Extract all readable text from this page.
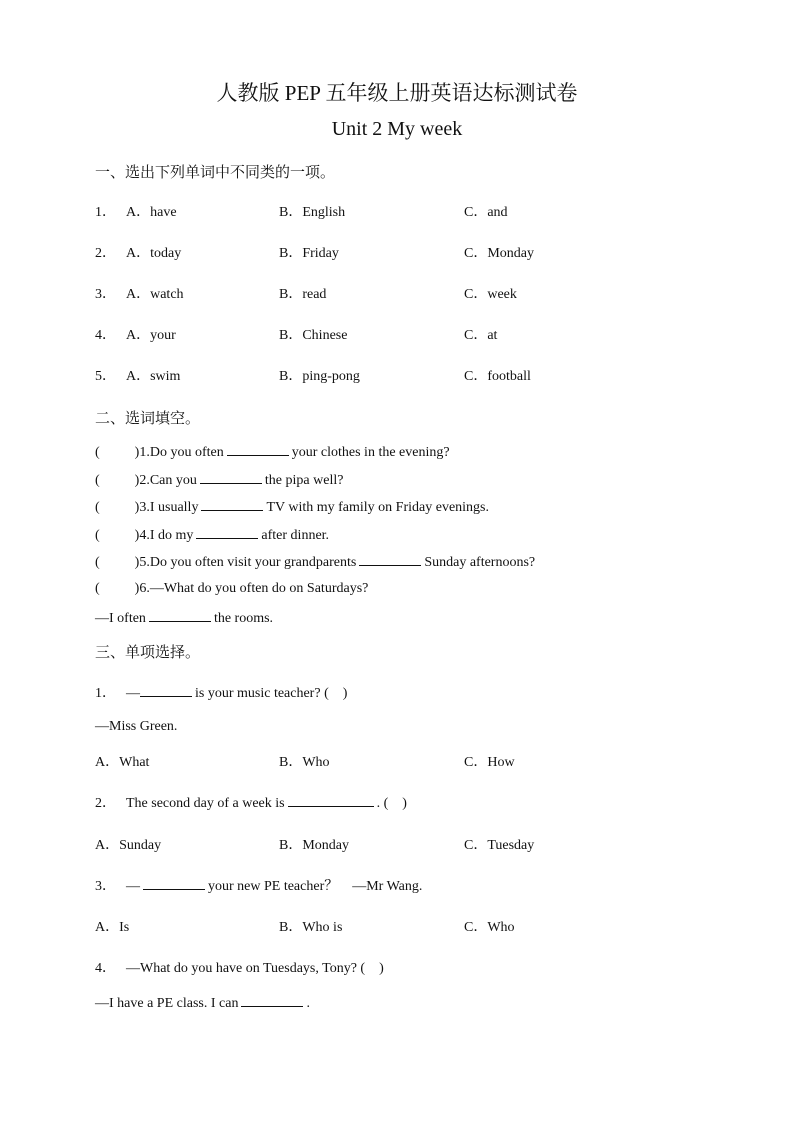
人教版 PEP 五年级上册英语达标测试卷
Unit 2 My week
一、选出下列单词中不同类的一项。
1． A．have	B．English	C．and
2． A．today	B．Friday	C．Monday
3． A．watch	B．read	C．week
4． A．your	B．Chinese	C．at
5． A．swim	B．ping-pong	C．football
二、选词填空。
(	)1.Do you often	your clothes in the evening?
(	)2.Can you	the pipa well?
(	)3.I usually	TV with my family on Friday evenings.
(	)4.I do my	after dinner.
(	)5.Do you often visit your grandparents	Sunday afternoons?
(	)6.—What do you often do on Saturdays?
—I often	the rooms.
三、单项选择。
1． —	is your music teacher? (　)
—Miss Green.
A．What	B．Who	C．How
2． The second day of a week is	. (　)
A．Sunday	B．Monday	C．Tuesday
3． —	your new PE teacher？　—Mr Wang.
A．Is	B．Who is	C．Who
4． —What do you have on Tuesdays, Tony? (　)
—I have a PE class. I can	.
